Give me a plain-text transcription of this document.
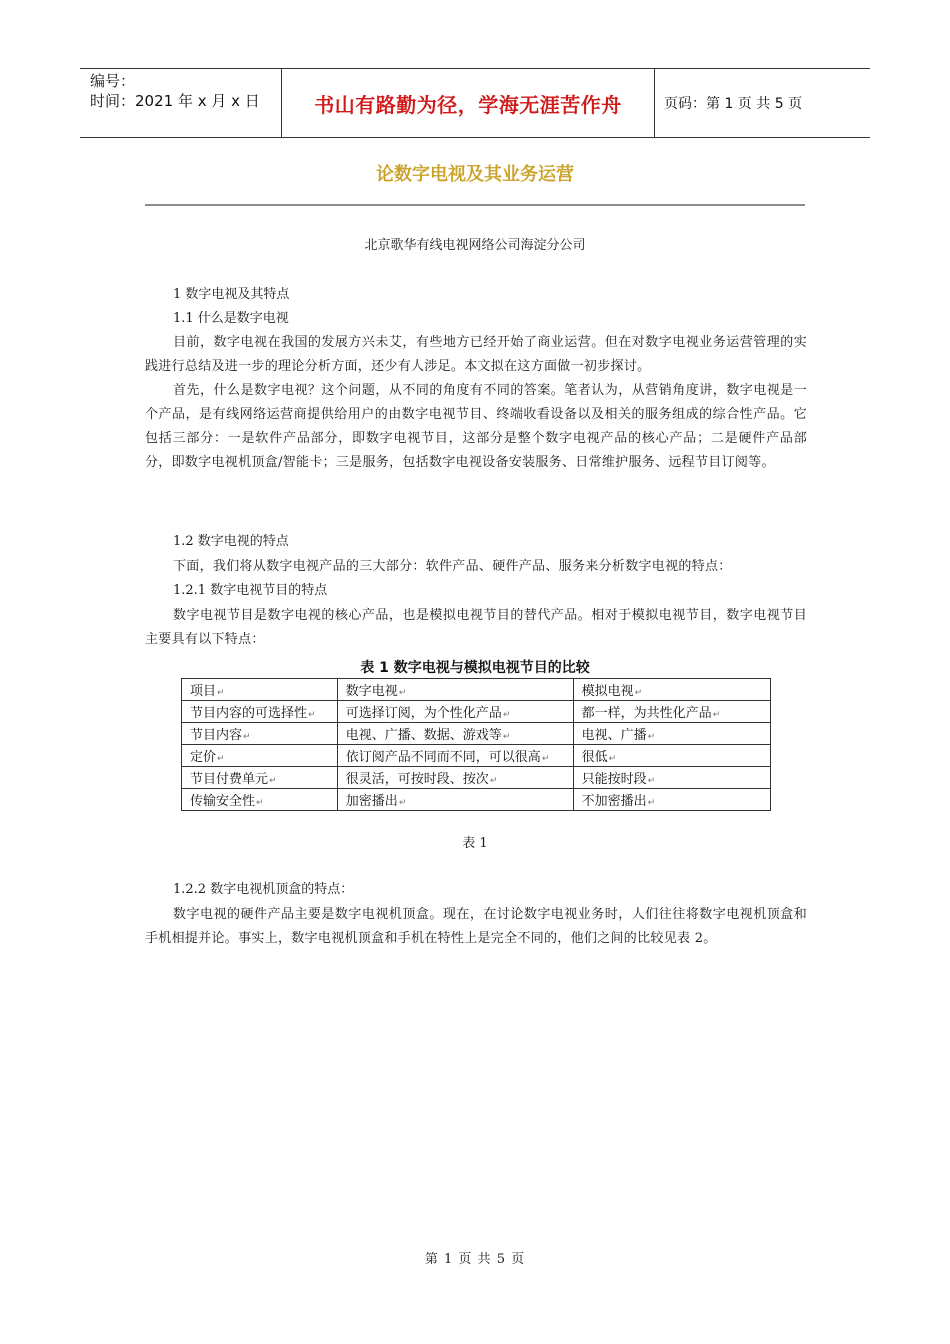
编号：
时间：2021 年 x 月 x 日	书山有路勤为径，学海无涯苦作舟	页码：第 1 页 共 5 页
论数字电视及其业务运营
北京歌华有线电视网络公司海淀分公司
1 数字电视及其特点
1.1 什么是数字电视
目前，数字电视在我国的发展方兴未艾，有些地方已经开始了商业运营。但在对数字电视业务运营管理的实践进行总结及进一步的理论分析方面，还少有人涉足。本文拟在这方面做一初步探讨。
首先，什么是数字电视？这个问题，从不同的角度有不同的答案。笔者认为，从营销角度讲，数字电视是一个产品，是有线网络运营商提供给用户的由数字电视节目、终端收看设备以及相关的服务组成的综合性产品。它包括三部分：一是软件产品部分，即数字电视节目，这部分是整个数字电视产品的核心产品；二是硬件产品部分，即数字电视机顶盒/智能卡；三是服务，包括数字电视设备安装服务、日常维护服务、远程节目订阅等。
1.2 数字电视的特点
下面，我们将从数字电视产品的三大部分：软件产品、硬件产品、服务来分析数字电视的特点：
1.2.1 数字电视节目的特点
数字电视节目是数字电视的核心产品，也是模拟电视节目的替代产品。相对于模拟电视节目，数字电视节目主要具有以下特点：
表 1 数字电视与模拟电视节目的比较
项目↵	数字电视↵	模拟电视↵
节目内容的可选择性↵	可选择订阅，为个性化产品↵	都一样，为共性化产品↵
节目内容↵	电视、广播、数据、游戏等↵	电视、广播↵
定价↵	依订阅产品不同而不同，可以很高↵	很低↵
节目付费单元↵	很灵活，可按时段、按次↵	只能按时段↵
传输安全性↵	加密播出↵	不加密播出↵
表 1
1.2.2 数字电视机顶盒的特点：
数字电视的硬件产品主要是数字电视机顶盒。现在，在讨论数字电视业务时，人们往往将数字电视机顶盒和手机相提并论。事实上，数字电视机顶盒和手机在特性上是完全不同的，他们之间的比较见表 2。
第 1 页 共 5 页
